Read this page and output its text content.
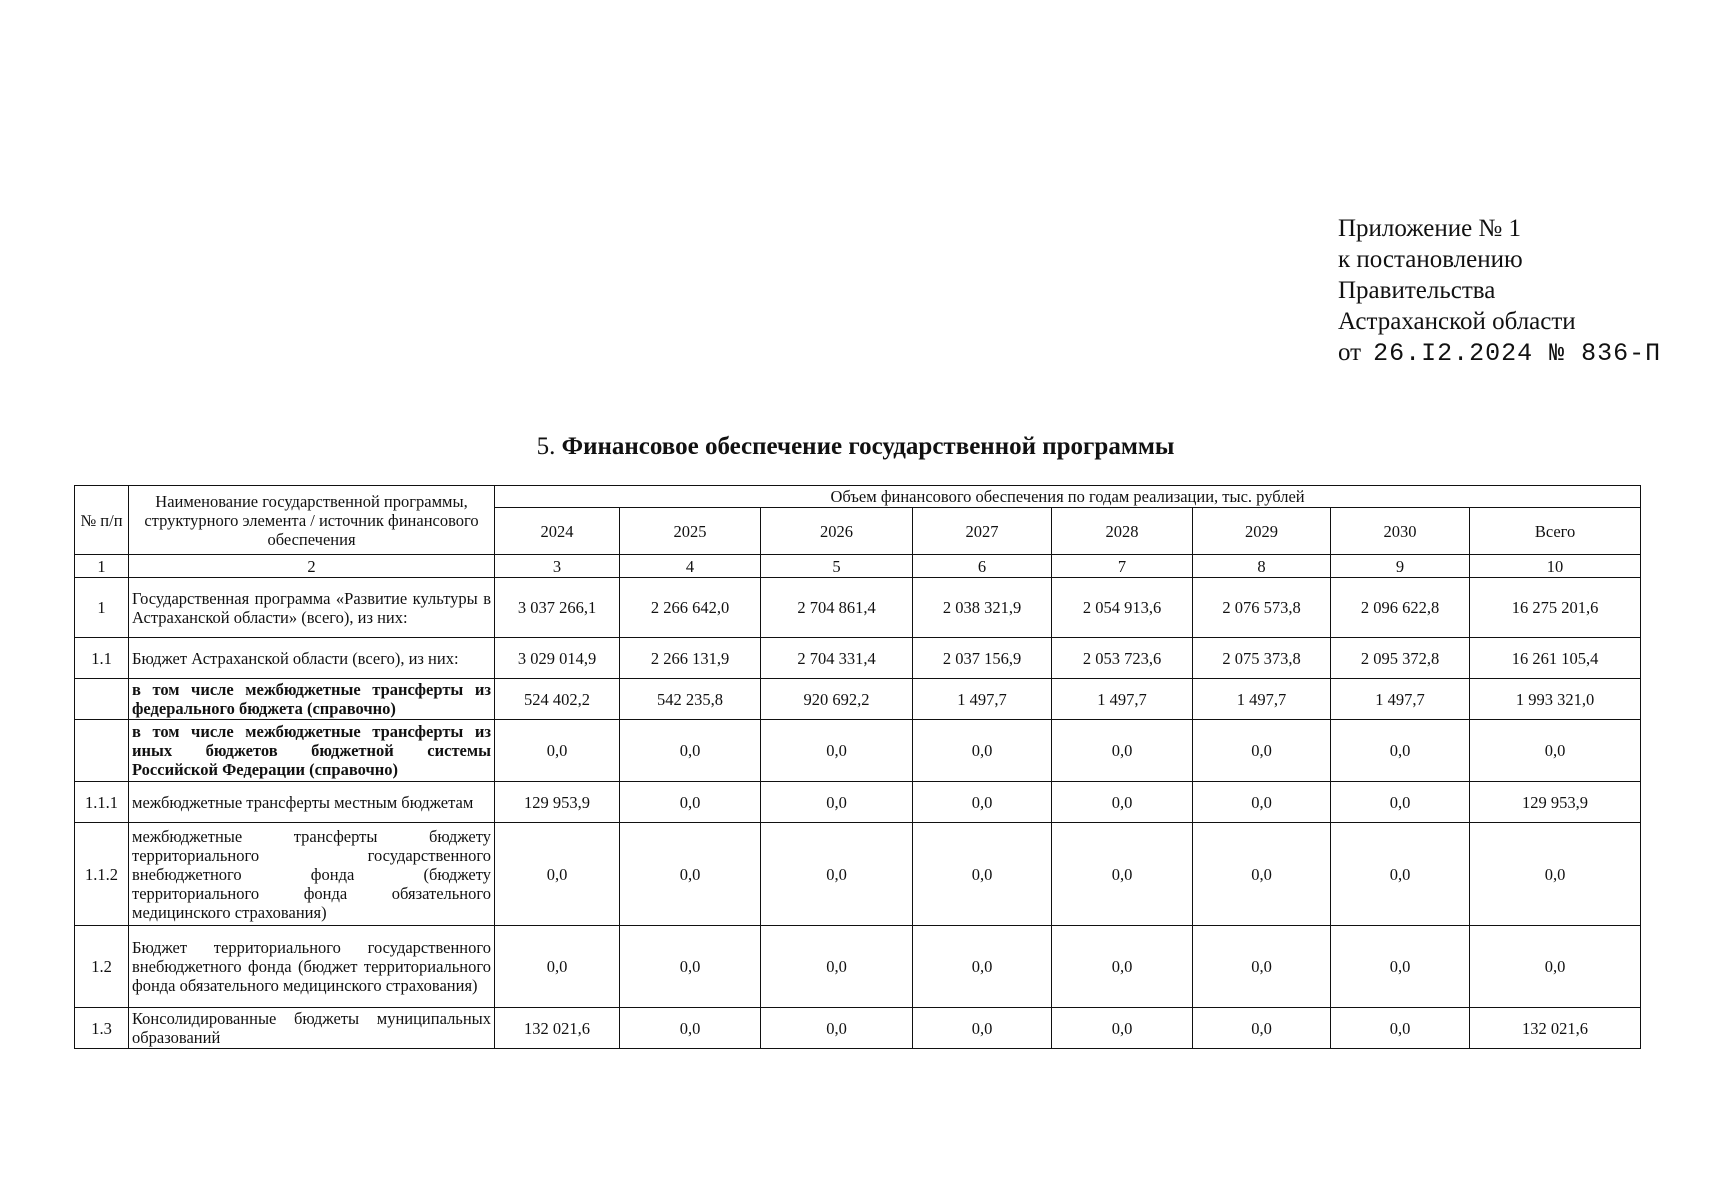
Приложение № 1
к постановлению
Правительства
Астраханской области
от 26.I2.2024 № 836-П
5. Финансовое обеспечение государственной программы
№ п/п	Наименование государственной программы, структурного элемента / источник финансового обеспечения	Объем финансового обеспечения по годам реализации, тыс. рублей							
		2024	2025	2026	2027	2028	2029	2030	Всего
1	2	3	4	5	6	7	8	9	10
1	Государственная программа «Развитие культуры в Астраханской области» (всего), из них:	3 037 266,1	2 266 642,0	2 704 861,4	2 038 321,9	2 054 913,6	2 076 573,8	2 096 622,8	16 275 201,6
1.1	Бюджет Астраханской области (всего), из них:	3 029 014,9	2 266 131,9	2 704 331,4	2 037 156,9	2 053 723,6	2 075 373,8	2 095 372,8	16 261 105,4
	в том числе межбюджетные трансферты из федерального бюджета (справочно)	524 402,2	542 235,8	920 692,2	1 497,7	1 497,7	1 497,7	1 497,7	1 993 321,0
	в том числе межбюджетные трансферты из иных бюджетов бюджетной системы Российской Федерации (справочно)	0,0	0,0	0,0	0,0	0,0	0,0	0,0	0,0
1.1.1	межбюджетные трансферты местным бюджетам	129 953,9	0,0	0,0	0,0	0,0	0,0	0,0	129 953,9
1.1.2	межбюджетные трансферты бюджету территориального государственного внебюджетного фонда (бюджету территориального фонда обязательного медицинского страхования)	0,0	0,0	0,0	0,0	0,0	0,0	0,0	0,0
1.2	Бюджет территориального государственного внебюджетного фонда (бюджет территориального фонда обязательного медицинского страхования)	0,0	0,0	0,0	0,0	0,0	0,0	0,0	0,0
1.3	Консолидированные бюджеты муниципальных образований	132 021,6	0,0	0,0	0,0	0,0	0,0	0,0	132 021,6
